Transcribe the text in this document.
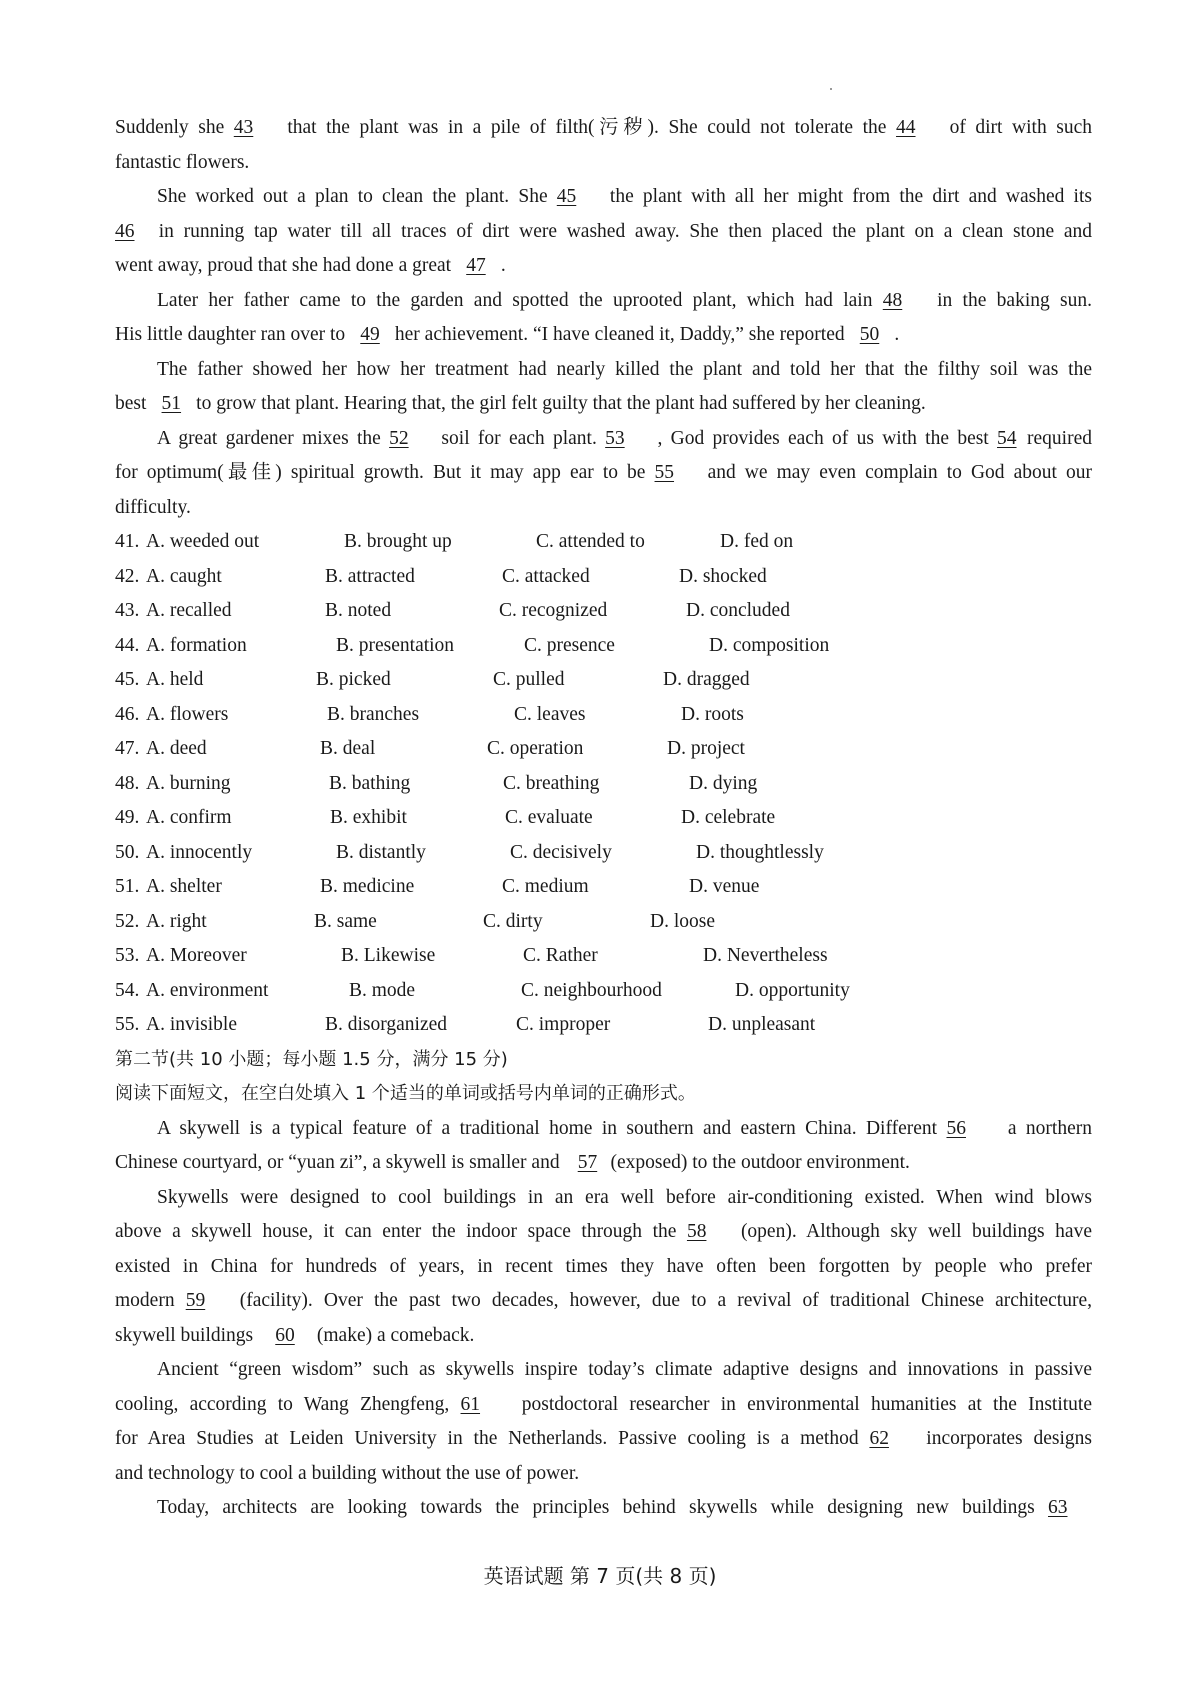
Suddenly she 43 that the plant was in a pile of filth(污秽). She could not tolerate the 44 of dirt with such
fantastic flowers.
She worked out a plan to clean the plant. She 45 the plant with all her might from the dirt and washed its
46 in running tap water till all traces of dirt were washed away. She then placed the plant on a clean stone and
went away, proud that she had done a great 47 .
Later her father came to the garden and spotted the uprooted plant, which had lain 48 in the baking sun.
His little daughter ran over to 49 her achievement. “I have cleaned it, Daddy,” she reported 50 .
The father showed her how her treatment had nearly killed the plant and told her that the filthy soil was the
best 51 to grow that plant. Hearing that, the girl felt guilty that the plant had suffered by her cleaning.
A great gardener mixes the 52 soil for each plant. 53 , God provides each of us with the best 54 required
for optimum(最佳) spiritual growth. But it may app ear to be 55 and we may even complain to God about our
difficulty.
41. A. weeded out	B. brought up	C. attended to	D. fed on
42. A. caught	B. attracted	C. attacked	D. shocked
43. A. recalled	B. noted	C. recognized	D. concluded
44. A. formation	B. presentation	C. presence	D. composition
45. A. held	B. picked	C. pulled	D. dragged
46. A. flowers	B. branches	C. leaves	D. roots
47. A. deed	B. deal	C. operation	D. project
48. A. burning	B. bathing	C. breathing	D. dying
49. A. confirm	B. exhibit	C. evaluate	D. celebrate
50. A. innocently	B. distantly	C. decisively	D. thoughtlessly
51. A. shelter	B. medicine	C. medium	D. venue
52. A. right	B. same	C. dirty	D. loose
53. A. Moreover	B. Likewise	C. Rather	D. Nevertheless
54. A. environment	B. mode	C. neighbourhood	D. opportunity
55. A. invisible	B. disorganized	C. improper	D. unpleasant
第二节(共 10 小题；每小题 1.5 分，满分 15 分)
阅读下面短文，在空白处填入 1 个适当的单词或括号内单词的正确形式。
A skywell is a typical feature of a traditional home in southern and eastern China. Different 56 a northern
Chinese courtyard, or “yuan zi”, a skywell is smaller and 57 (exposed) to the outdoor environment.
Skywells were designed to cool buildings in an era well before air-conditioning existed. When wind blows
above a skywell house, it can enter the indoor space through the 58 (open). Although sky well buildings have
existed in China for hundreds of years, in recent times they have often been forgotten by people who prefer
modern 59 (facility). Over the past two decades, however, due to a revival of traditional Chinese architecture,
skywell buildings 60 (make) a comeback.
Ancient “green wisdom” such as skywells inspire today’s climate adaptive designs and innovations in passive
cooling, according to Wang Zhengfeng, 61 postdoctoral researcher in environmental humanities at the Institute
for Area Studies at Leiden University in the Netherlands. Passive cooling is a method 62 incorporates designs
and technology to cool a building without the use of power.
Today, architects are looking towards the principles behind skywells while designing new buildings 63
英语试题 第 7 页(共 8 页)
